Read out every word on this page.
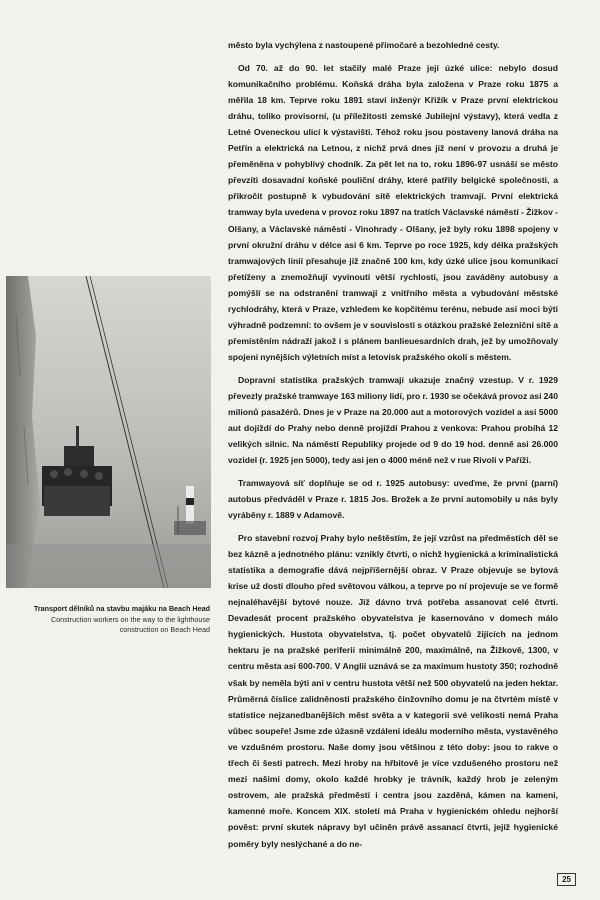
Transport dělníků na stavbu majáku na Beach Head
Construction workers on the way to the lighthouse construction on Beach Head

město byla vychýlena z nastoupené přímočaré a bezohledné cesty.

Od 70. až do 90. let stačily malé Praze její úzké ulice: nebylo dosud komunikačního problému. Koňská dráha byla založena v Praze roku 1875 a měřila 18 km. Teprve roku 1891 staví inženýr Křižík v Praze první elektrickou dráhu, toliko provisorní, (u příležitosti zemské Jubilejní výstavy), která vedla z Letné Oveneckou ulicí k výstavišti. Téhož roku jsou postaveny lanová dráha na Petřín a elektrická na Letnou, z nichž prvá dnes již není v provozu a druhá je přeměněna v pohyblivý chodník. Za pět let na to, roku 1896-97 usnáší se město převzíti dosavadní koňské pouliční dráhy, které patřily belgické společnosti, a přikročit postupně k vybudování sítě elektrických tramvají. První elektrická tramway byla uvedena v provoz roku 1897 na tratích Václavské náměstí - Žižkov - Olšany, a Václavské náměstí - Vinohrady - Olšany, jež byly roku 1898 spojeny v první okružní dráhu v délce asi 6 km. Teprve po roce 1925, kdy délka pražských tramwajových linií přesahuje již značně 100 km, kdy úzké ulice jsou komunikací přetíženy a znemožňují vyvinouti větší rychlosti, jsou zaváděny autobusy a pomýšlí se na odstranění tramwají z vnitřního města a vybudování městské rychlodráhy, která v Praze, vzhledem ke kopčitému terénu, nebude asi moci býti výhradně podzemní: to ovšem je v souvislosti s otázkou pražské železniční sítě a přemístěním nádraží jakož i s plánem banlieuesardních drah, jež by umožňovaly spojení nynějších výletních míst a letovisk pražského okolí s městem.

Dopravní statistika pražských tramwají ukazuje značný vzestup. V r. 1929 převezly pražské tramwaye 163 miliony lidí, pro r. 1930 se očekává provoz asi 240 milionů pasažérů. Dnes je v Praze na 20.000 aut a motorových vozidel a asi 5000 aut dojíždí do Prahy nebo denně projíždí Prahou z venkova: Prahou probíhá 12 velikých silnic. Na náměstí Republiky projede od 9 do 19 hod. denně asi 26.000 vozidel (r. 1925 jen 5000), tedy asi jen o 4000 méně než v rue Rivoli v Paříži.

Tramwayová síť doplňuje se od r. 1925 autobusy: uveďme, že první (parní) autobus předváděl v Praze r. 1815 Jos. Brožek a že první automobily u nás byly vyráběny r. 1889 v Adamově.

Pro stavební rozvoj Prahy bylo neštěstím, že její vzrůst na předměstích děl se bez kázně a jednotného plánu: vznikly čtvrti, o nichž hygienická a kriminalistická statistika a demografie dává nejpříšernější obraz. V Praze objevuje se bytová krise už dosti dlouho před světovou válkou, a teprve po ní projevuje se ve formě nejnaléhavější bytové nouze. Již dávno trvá potřeba assanovat celé čtvrti. Devadesát procent pražského obyvatelstva je kasernováno v domech málo hygienických. Hustota obyvatelstva, tj. počet obyvatelů žijících na jednom hektaru je na pražské periferii minimálně 200, maximálně, na Žižkově, 1300, v centru města asi 600-700. V Anglii uznává se za maximum hustoty 350; rozhodně však by neměla býti ani v centru hustota větší než 500 obyvatelů na jeden hektar. Průměrná číslice zalidněnosti pražského činžovního domu je na čtvrtém místě v statistice nejzanedbanějších měst světa a v kategorii své velikosti nemá Praha vůbec soupeře! Jsme zde úžasně vzdáleni ideálu moderního města, vystavěného ve vzdušném prostoru. Naše domy jsou většinou z této doby: jsou to rakve o třech či šesti patrech. Mezi hroby na hřbitově je více vzdušeného prostoru než mezi našimi domy, okolo každé hrobky je trávník, každý hrob je zeleným ostrovem, ale pražská předměstí i centra jsou zazděná, kámen na kameni, kamenné moře. Koncem XIX. století má Praha v hygienickém ohledu nejhorší pověst: první skutek nápravy byl učiněn právě assanací čtvrti, jejíž hygienické poměry byly neslýchané a do ne-

25
